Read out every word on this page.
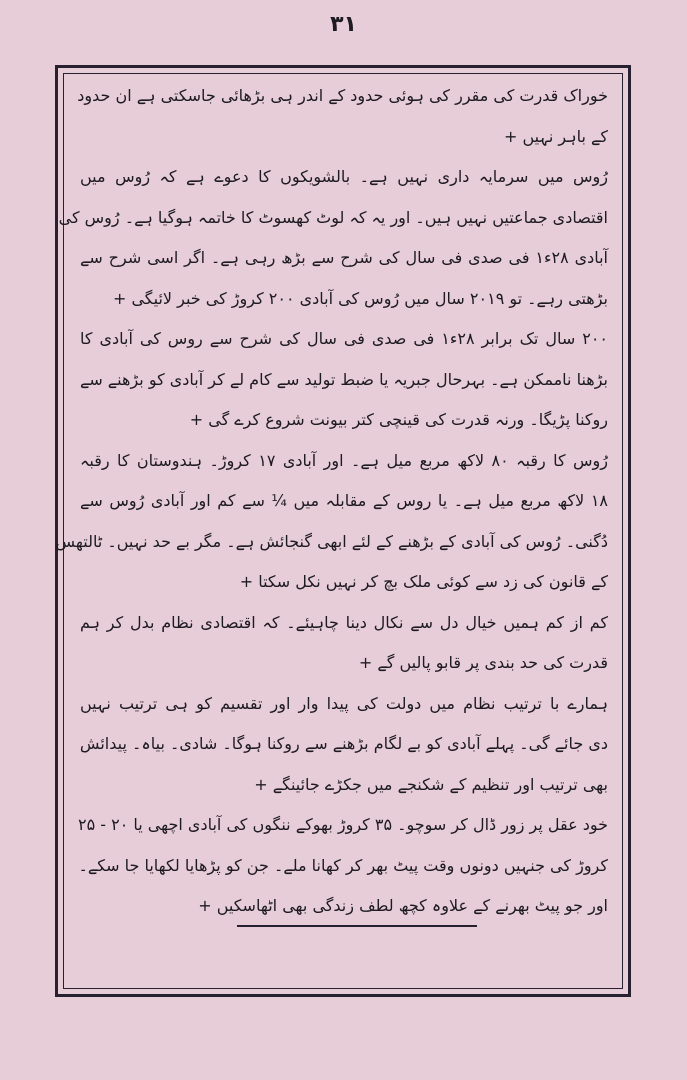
۳۱
خوراک قدرت کی مقرر کی ہوئی حدود کے اندر ہی بڑھائی جاسکتی ہے ان حدود
کے باہر نہیں +
رُوس میں سرمایہ داری نہیں ہے۔ بالشویکوں کا دعوے ہے کہ رُوس میں
اقتصادی جماعتیں نہیں ہیں۔ اور یہ کہ لوٹ کھسوٹ کا خاتمہ ہوگیا ہے۔ رُوس کی
آبادی ۲۸ء۱ فی صدی فی سال کی شرح سے بڑھ رہی ہے۔ اگر اسی شرح سے
بڑھتی رہے۔ تو ۲۰۱۹ سال میں رُوس کی آبادی ۲۰۰ کروڑ کی خبر لائیگی +
۲۰۰ سال تک برابر ۲۸ء۱ فی صدی فی سال کی شرح سے روس کی آبادی کا
بڑھنا ناممکن ہے۔ بہرحال جبریہ یا ضبط تولید سے کام لے کر آبادی کو بڑھنے سے
روکنا پڑیگا۔ ورنہ قدرت کی قینچی کتر بیونت شروع کرے گی +
رُوس کا رقبہ ۸۰ لاکھ مربع میل ہے۔ اور آبادی ۱۷ کروڑ۔ ہندوستان کا رقبہ
۱۸ لاکھ مربع میل ہے۔ یا روس کے مقابلہ میں ¼ سے کم اور آبادی رُوس سے
دُگنی۔ رُوس کی آبادی کے بڑھنے کے لئے ابھی گنجائش ہے۔ مگر بے حد نہیں۔ ٹالتھس
کے قانون کی زد سے کوئی ملک بچ کر نہیں نکل سکتا +
کم از کم ہمیں خیال دل سے نکال دینا چاہیئے۔ کہ اقتصادی نظام بدل کر ہم
قدرت کی حد بندی پر قابو پالیں گے +
ہمارے با ترتیب نظام میں دولت کی پیدا وار اور تقسیم کو ہی ترتیب نہیں
دی جائے گی۔ پہلے آبادی کو بے لگام بڑھنے سے روکنا ہوگا۔ شادی۔ بیاہ۔ پیدائش
بھی ترتیب اور تنظیم کے شکنجے میں جکڑے جائینگے +
خود عقل پر زور ڈال کر سوچو۔ ۳۵ کروڑ بھوکے ننگوں کی آبادی اچھی یا ۲۰ - ۲۵
کروڑ کی جنہیں دونوں وقت پیٹ بھر کر کھانا ملے۔ جن کو پڑھایا لکھایا جا سکے۔
اور جو پیٹ بھرنے کے علاوہ کچھ لطف زندگی بھی اٹھاسکیں +
